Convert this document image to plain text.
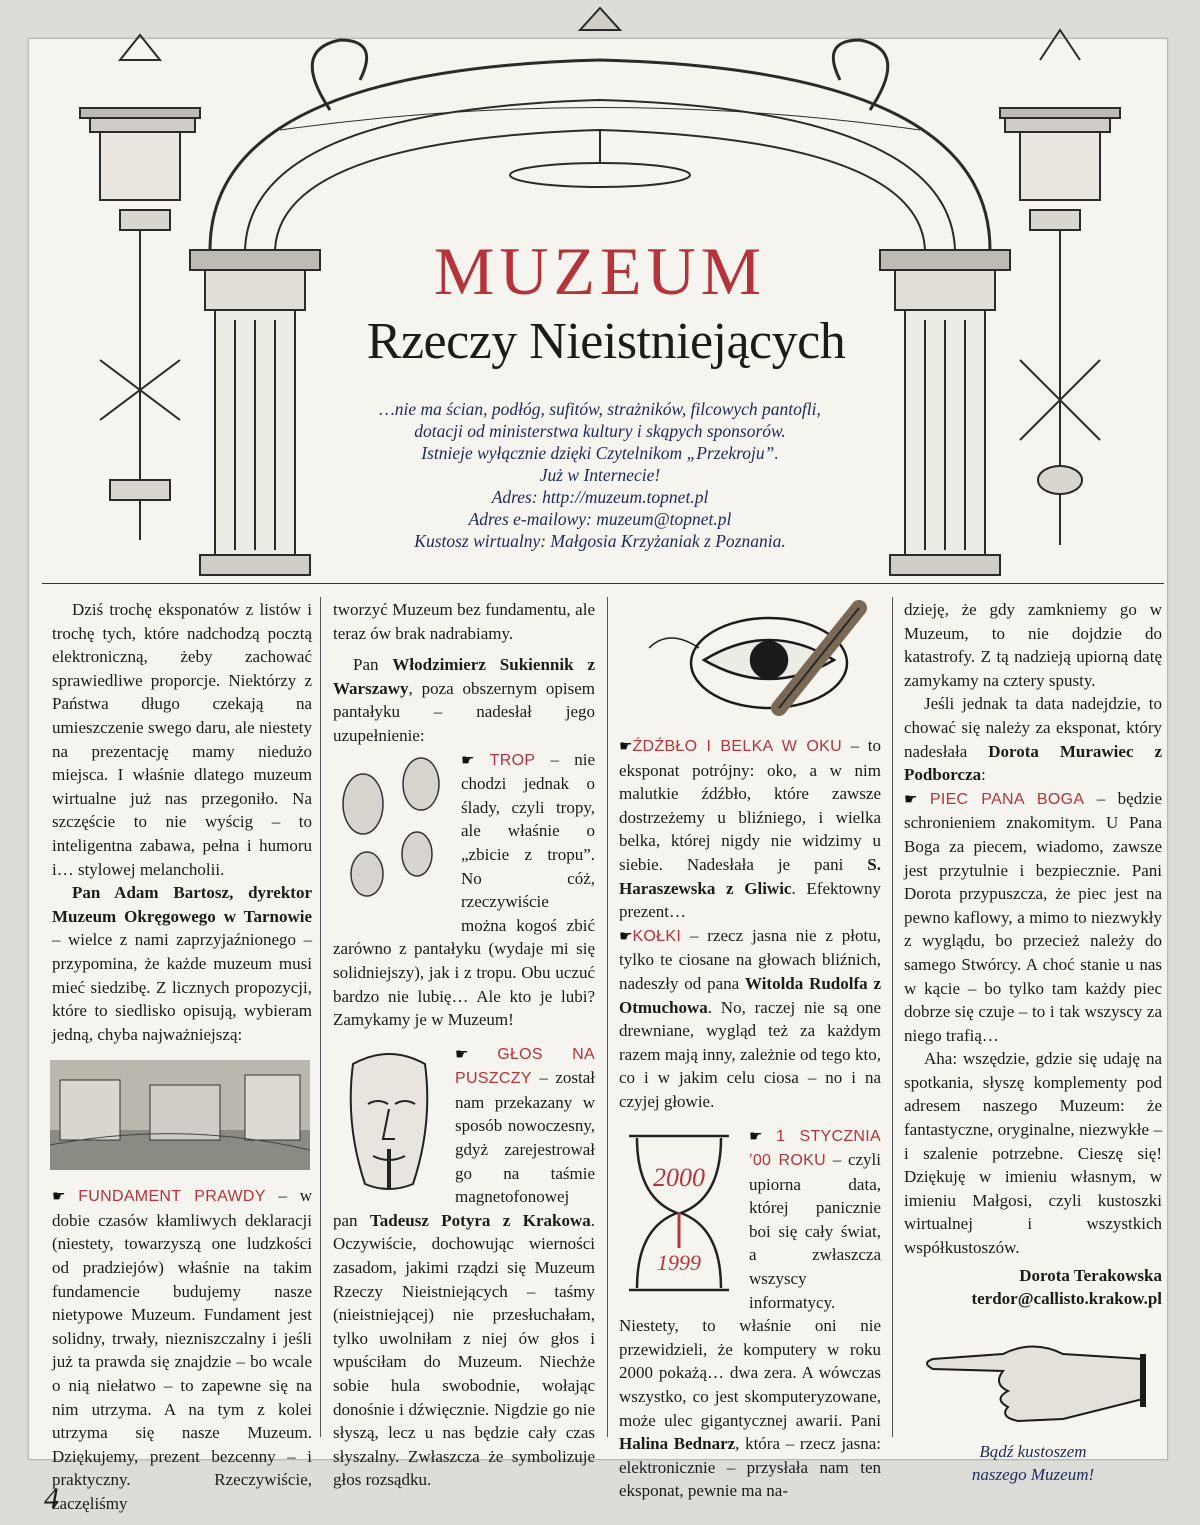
MUZEUM
Rzeczy Nieistniejących
…nie ma ścian, podłóg, sufitów, strażników, filcowych pantofli,
dotacji od ministerstwa kultury i skąpych sponsorów.
Istnieje wyłącznie dzięki Czytelnikom „Przekroju”.
Już w Internecie!
Adres: http://muzeum.topnet.pl
Adres e-mailowy: muzeum@topnet.pl
Kustosz wirtualny: Małgosia Krzyżaniak z Poznania.

Dziś trochę eksponatów z listów i trochę tych, które nadchodzą pocztą elektroniczną, żeby zachować sprawiedliwe proporcje. Niektórzy z Państwa długo czekają na umieszczenie swego daru, ale niestety na prezentację mamy niedużo miejsca. I właśnie dlatego muzeum wirtualne już nas przegoniło. Na szczęście to nie wyścig – to inteligentna zabawa, pełna i humoru i… stylowej melancholii.

Pan Adam Bartosz, dyrektor Muzeum Okręgowego w Tarnowie – wielce z nami zaprzyjaźnionego – przypomina, że każde muzeum musi mieć siedzibę. Z licznych propozycji, które to siedlisko opisują, wybieram jedną, chyba najważniejszą:

☛ FUNDAMENT PRAWDY – w dobie czasów kłamliwych deklaracji (niestety, towarzyszą one ludzkości od pradziejów) właśnie na takim fundamencie budujemy nasze nietypowe Muzeum. Fundament jest solidny, trwały, niezniszczalny i jeśli już ta prawda się znajdzie – bo wcale o nią niełatwo – to zapewne się na nim utrzyma. A na tym z kolei utrzyma się nasze Muzeum. Dziękujemy, prezent bezcenny – i praktyczny. Rzeczywiście, zaczęliśmy

tworzyć Muzeum bez fundamentu, ale teraz ów brak nadrabiamy.

Pan Włodzimierz Sukiennik z Warszawy, poza obszernym opisem pantałyku – nadesłał jego uzupełnienie:

☛ TROP – nie chodzi jednak o ślady, czyli tropy, ale właśnie o „zbicie z tropu”. No cóż, rzeczywiście można kogoś zbić zarówno z pantałyku (wydaje mi się solidniejszy), jak i z tropu. Obu uczuć bardzo nie lubię… Ale kto je lubi? Zamykamy je w Muzeum!

☛ GŁOS NA PUSZCZY – został nam przekazany w sposób nowoczesny, gdyż zarejestrował go na taśmie magnetofonowej pan Tadeusz Potyra z Krakowa. Oczywiście, dochowując wierności zasadom, jakimi rządzi się Muzeum Rzeczy Nieistniejących – taśmy (nieistniejącej) nie przesłuchałam, tylko uwolniłam z niej ów głos i wpuściłam do Muzeum. Niechże sobie hula swobodnie, wołając donośnie i dźwięcznie. Nigdzie go nie słyszą, lecz u nas będzie cały czas słyszalny. Zwłaszcza że symbolizuje głos rozsądku.

☛ŹDŹBŁO I BELKA W OKU – to eksponat potrójny: oko, a w nim malutkie źdźbło, które zawsze dostrzeżemy u bliźniego, i wielka belka, której nigdy nie widzimy u siebie. Nadesłała je pani S. Haraszewska z Gliwic. Efektowny prezent…

☛KOŁKI – rzecz jasna nie z płotu, tylko te ciosane na głowach bliźnich, nadeszły od pana Witolda Rudolfa z Otmuchowa. No, raczej nie są one drewniane, wygląd też za każdym razem mają inny, zależnie od tego kto, co i w jakim celu ciosa – no i na czyjej głowie.

2000
1999

☛ 1 STYCZNIA ’00 ROKU – czyli upiorna data, której panicznie boi się cały świat, a zwłaszcza wszyscy informatycy. Niestety, to właśnie oni nie przewidzieli, że komputery w roku 2000 pokażą… dwa zera. A wówczas wszystko, co jest skomputeryzowane, może ulec gigantycznej awarii. Pani Halina Bednarz, która – rzecz jasna: elektronicznie – przysłała nam ten eksponat, pewnie ma na-

dzieję, że gdy zamkniemy go w Muzeum, to nie dojdzie do katastrofy. Z tą nadzieją upiorną datę zamykamy na cztery spusty.

Jeśli jednak ta data nadejdzie, to chować się należy za eksponat, który nadesłała Dorota Murawiec z Podborcza:

☛ PIEC PANA BOGA – będzie schronieniem znakomitym. U Pana Boga za piecem, wiadomo, zawsze jest przytulnie i bezpiecznie. Pani Dorota przypuszcza, że piec jest na pewno kaflowy, a mimo to niezwykły z wyglądu, bo przecież należy do samego Stwórcy. A choć stanie u nas w kącie – bo tylko tam każdy piec dobrze się czuje – to i tak wszyscy za niego trafią…

Aha: wszędzie, gdzie się udaję na spotkania, słyszę komplementy pod adresem naszego Muzeum: że fantastyczne, oryginalne, niezwykłe – i szalenie potrzebne. Cieszę się! Dziękuję w imieniu własnym, w imieniu Małgosi, czyli kustoszki wirtualnej i wszystkich współkustoszów.

Dorota Terakowska
terdor@callisto.krakow.pl
Bądź kustoszem
naszego Muzeum!
4
